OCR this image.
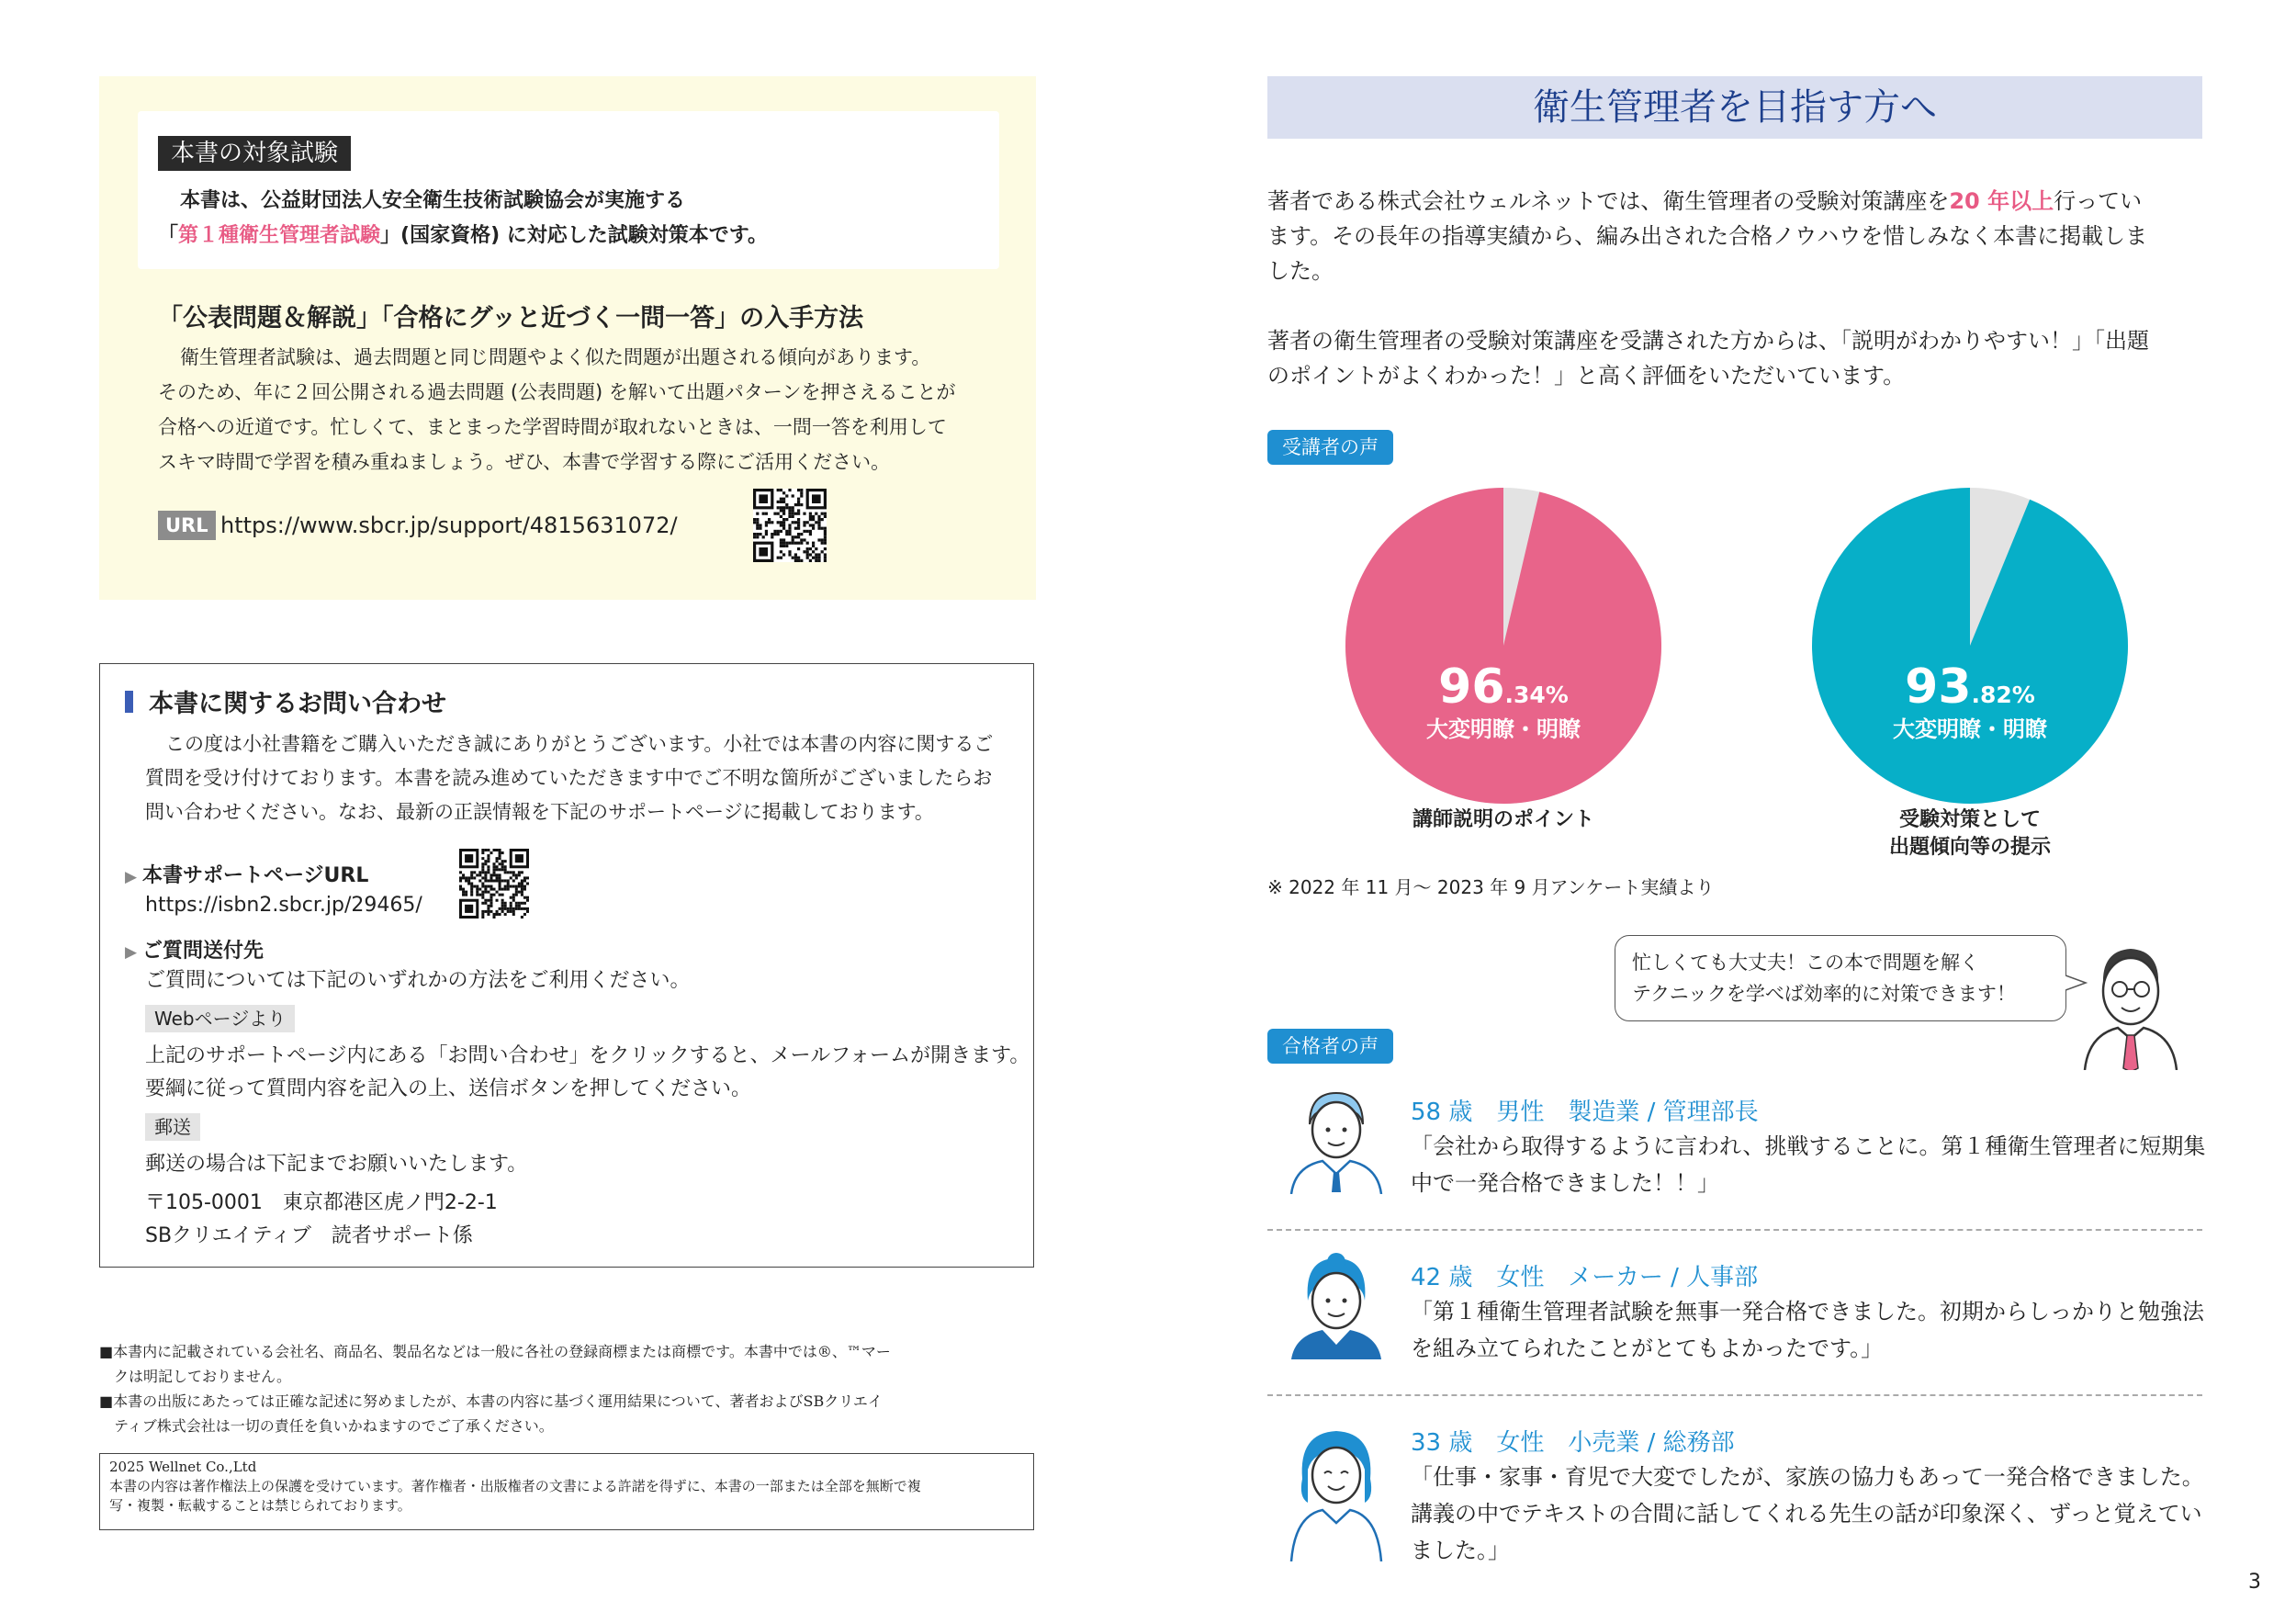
本書の対象試験
本書は、公益財団法人安全衛生技術試験協会が実施する
「第１種衛生管理者試験」(国家資格) に対応した試験対策本です。
「公表問題＆解説」「合格にグッと近づく一問一答」の入手方法
衛生管理者試験は、過去問題と同じ問題やよく似た問題が出題される傾向があります。
そのため、年に２回公開される過去問題 (公表問題) を解いて出題パターンを押さえることが
合格への近道です。忙しくて、まとまった学習時間が取れないときは、一問一答を利用して
スキマ時間で学習を積み重ねましょう。ぜひ、本書で学習する際にご活用ください。
URL https://www.sbcr.jp/support/4815631072/
本書に関するお問い合わせ
この度は小社書籍をご購入いただき誠にありがとうございます。小社では本書の内容に関するご
質問を受け付けております。本書を読み進めていただきます中でご不明な箇所がございましたらお
問い合わせください。なお、最新の正誤情報を下記のサポートページに掲載しております。
▶ 本書サポートページURL
https://isbn2.sbcr.jp/29465/
▶ ご質問送付先
ご質問については下記のいずれかの方法をご利用ください。
Webページより
上記のサポートページ内にある「お問い合わせ」をクリックすると、メールフォームが開きます。
要綱に従って質問内容を記入の上、送信ボタンを押してください。
郵送
郵送の場合は下記までお願いいたします。
〒105-0001　東京都港区虎ノ門2-2-1
SBクリエイティブ　読者サポート係
■本書内に記載されている会社名、商品名、製品名などは一般に各社の登録商標または商標です。本書中では®、™マー
　クは明記しておりません。
■本書の出版にあたっては正確な記述に努めましたが、本書の内容に基づく運用結果について、著者およびSBクリエイ
　ティブ株式会社は一切の責任を負いかねますのでご了承ください。
2025 Wellnet Co.,Ltd
本書の内容は著作権法上の保護を受けています。著作権者・出版権者の文書による許諾を得ずに、本書の一部または全部を無断で複
写・複製・転載することは禁じられております。
衛生管理者を目指す方へ

著者である株式会社ウェルネットでは、衛生管理者の受験対策講座を20 年以上行ってい
ます。その長年の指導実績から、編み出された合格ノウハウを惜しみなく本書に掲載しま
した。

著者の衛生管理者の受験対策講座を受講された方からは、「説明がわかりやすい！」「出題
のポイントがよくわかった！」と高く評価をいただいています。

受講者の声
96.34%
大変明瞭・明瞭
講師説明のポイント
93.82%
大変明瞭・明瞭
受験対策として
出題傾向等の提示
※ 2022 年 11 月～ 2023 年 9 月アンケート実績より
忙しくても大丈夫！この本で問題を解く
テクニックを学べば効率的に対策できます！
合格者の声
58 歳　男性　製造業 / 管理部長
「会社から取得するように言われ、挑戦することに。第１種衛生管理者に短期集中で一発合格できました！！」
42 歳　女性　メーカー / 人事部
「第１種衛生管理者試験を無事一発合格できました。初期からしっかりと勉強法を組み立てられたことがとてもよかったです。」
33 歳　女性　小売業 / 総務部
「仕事・家事・育児で大変でしたが、家族の協力もあって一発合格できました。講義の中でテキストの合間に話してくれる先生の話が印象深く、ずっと覚えていました。」
3
